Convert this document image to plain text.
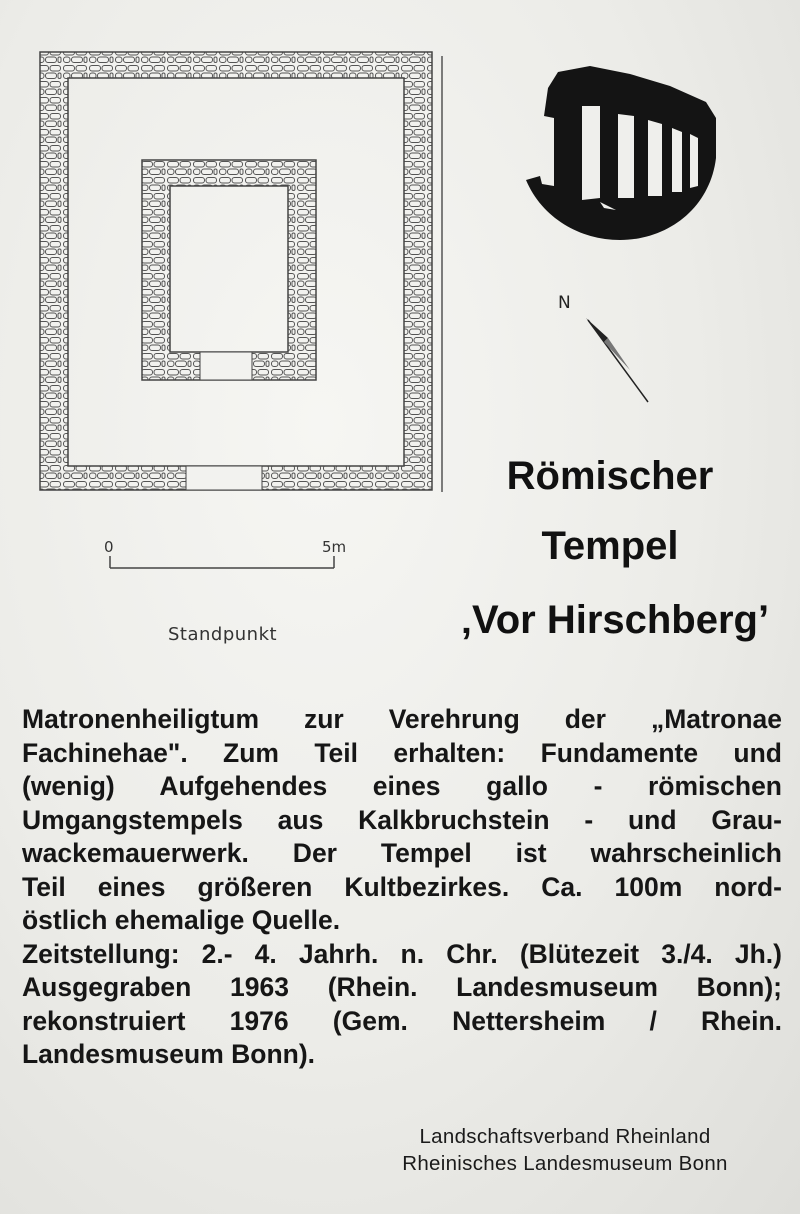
0	5m
Standpunkt
N
Römischer
Tempel
‚Vor Hirschberg’
Matronenheiligtum zur Verehrung der „Matronae
Fachinehae". Zum Teil erhalten: Fundamente und
(wenig) Aufgehendes eines gallo - römischen
Umgangstempels aus Kalkbruchstein - und Grau-
wackemauerwerk. Der Tempel ist wahrscheinlich
Teil eines größeren Kultbezirkes. Ca. 100m nord-
östlich ehemalige Quelle.
Zeitstellung: 2.- 4. Jahrh. n. Chr. (Blütezeit 3./4. Jh.)
Ausgegraben 1963 (Rhein. Landesmuseum Bonn);
rekonstruiert 1976 (Gem. Nettersheim / Rhein.
Landesmuseum Bonn).
Landschaftsverband Rheinland
Rheinisches Landesmuseum Bonn
